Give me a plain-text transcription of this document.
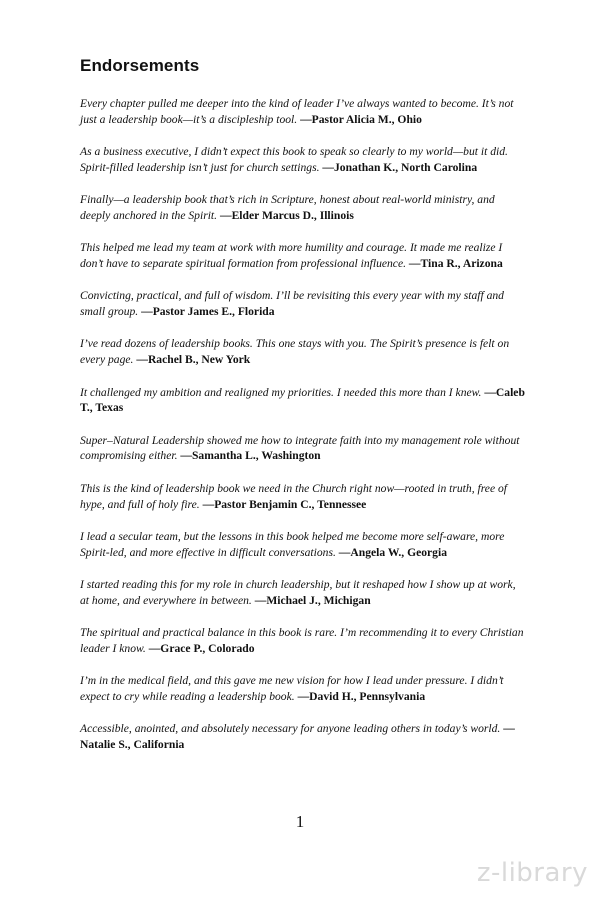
Endorsements

Every chapter pulled me deeper into the kind of leader I’ve always wanted to become. It’s not just a leadership book—it’s a discipleship tool. —Pastor Alicia M., Ohio

As a business executive, I didn’t expect this book to speak so clearly to my world—but it did. Spirit-filled leadership isn’t just for church settings. —Jonathan K., North Carolina

Finally—a leadership book that’s rich in Scripture, honest about real-world ministry, and deeply anchored in the Spirit. —Elder Marcus D., Illinois

This helped me lead my team at work with more humility and courage. It made me realize I don’t have to separate spiritual formation from professional influence. —Tina R., Arizona

Convicting, practical, and full of wisdom. I’ll be revisiting this every year with my staff and small group. —Pastor James E., Florida

I’ve read dozens of leadership books. This one stays with you. The Spirit’s presence is felt on every page. —Rachel B., New York

It challenged my ambition and realigned my priorities. I needed this more than I knew. —Caleb T., Texas

Super–Natural Leadership showed me how to integrate faith into my management role without compromising either. —Samantha L., Washington

This is the kind of leadership book we need in the Church right now—rooted in truth, free of hype, and full of holy fire. —Pastor Benjamin C., Tennessee

I lead a secular team, but the lessons in this book helped me become more self-aware, more Spirit-led, and more effective in difficult conversations. —Angela W., Georgia

I started reading this for my role in church leadership, but it reshaped how I show up at work, at home, and everywhere in between. —Michael J., Michigan

The spiritual and practical balance in this book is rare. I’m recommending it to every Christian leader I know. —Grace P., Colorado

I’m in the medical field, and this gave me new vision for how I lead under pressure. I didn’t expect to cry while reading a leadership book. —David H., Pennsylvania

Accessible, anointed, and absolutely necessary for anyone leading others in today’s world. —Natalie S., California

1
z-library
